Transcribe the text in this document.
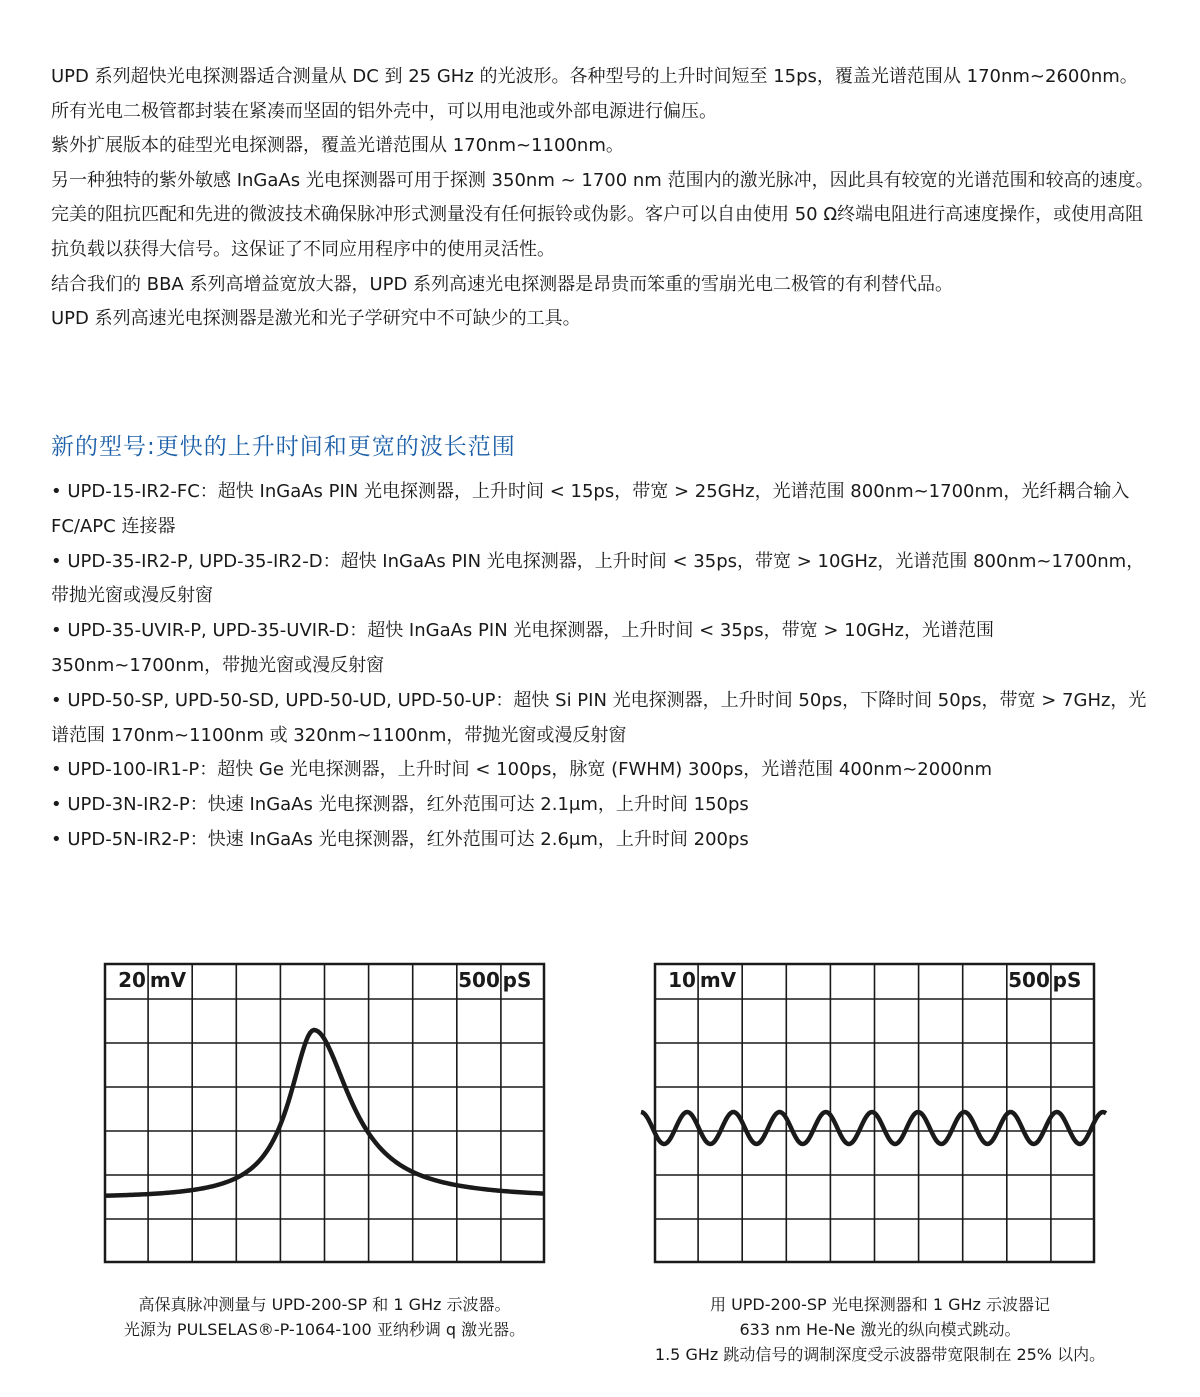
UPD 系列超快光电探测器适合测量从 DC 到 25 GHz 的光波形。各种型号的上升时间短至 15ps，覆盖光谱范围从 170nm~2600nm。

所有光电二极管都封装在紧凑而坚固的铝外壳中，可以用电池或外部电源进行偏压。

紫外扩展版本的硅型光电探测器，覆盖光谱范围从 170nm~1100nm。

另一种独特的紫外敏感 InGaAs 光电探测器可用于探测 350nm ~ 1700 nm 范围内的激光脉冲，因此具有较宽的光谱范围和较高的速度。

完美的阻抗匹配和先进的微波技术确保脉冲形式测量没有任何振铃或伪影。客户可以自由使用 50 Ω终端电阻进行高速度操作，或使用高阻抗负载以获得大信号。这保证了不同应用程序中的使用灵活性。

结合我们的 BBA 系列高增益宽放大器，UPD 系列高速光电探测器是昂贵而笨重的雪崩光电二极管的有利替代品。

UPD 系列高速光电探测器是激光和光子学研究中不可缺少的工具。

新的型号:更快的上升时间和更宽的波长范围
• UPD-15-IR2-FC：超快 InGaAs PIN 光电探测器，上升时间 < 15ps，带宽 > 25GHz，光谱范围 800nm~1700nm，光纤耦合输入 FC/APC 连接器
• UPD-35-IR2-P, UPD-35-IR2-D：超快 InGaAs PIN 光电探测器，上升时间 < 35ps，带宽 > 10GHz，光谱范围 800nm~1700nm，带抛光窗或漫反射窗
• UPD-35-UVIR-P, UPD-35-UVIR-D：超快 InGaAs PIN 光电探测器，上升时间 < 35ps，带宽 > 10GHz，光谱范围 350nm~1700nm，带抛光窗或漫反射窗
• UPD-50-SP, UPD-50-SD, UPD-50-UD, UPD-50-UP：超快 Si PIN 光电探测器，上升时间 50ps，下降时间 50ps，带宽 > 7GHz，光谱范围 170nm~1100nm 或 320nm~1100nm，带抛光窗或漫反射窗
• UPD-100-IR1-P：超快 Ge 光电探测器，上升时间 < 100ps，脉宽 (FWHM) 300ps，光谱范围 400nm~2000nm
• UPD-3N-IR2-P：快速 InGaAs 光电探测器，红外范围可达 2.1μm，上升时间 150ps
• UPD-5N-IR2-P：快速 InGaAs 光电探测器，红外范围可达 2.6μm，上升时间 200ps
20 mV	500 pS	10 mV	500 pS

高保真脉冲测量与 UPD-200-SP 和 1 GHz 示波器。
光源为 PULSELAS®-P-1064-100 亚纳秒调 q 激光器。

用 UPD-200-SP 光电探测器和 1 GHz 示波器记
633 nm He-Ne 激光的纵向模式跳动。
1.5 GHz 跳动信号的调制深度受示波器带宽限制在 25% 以内。
